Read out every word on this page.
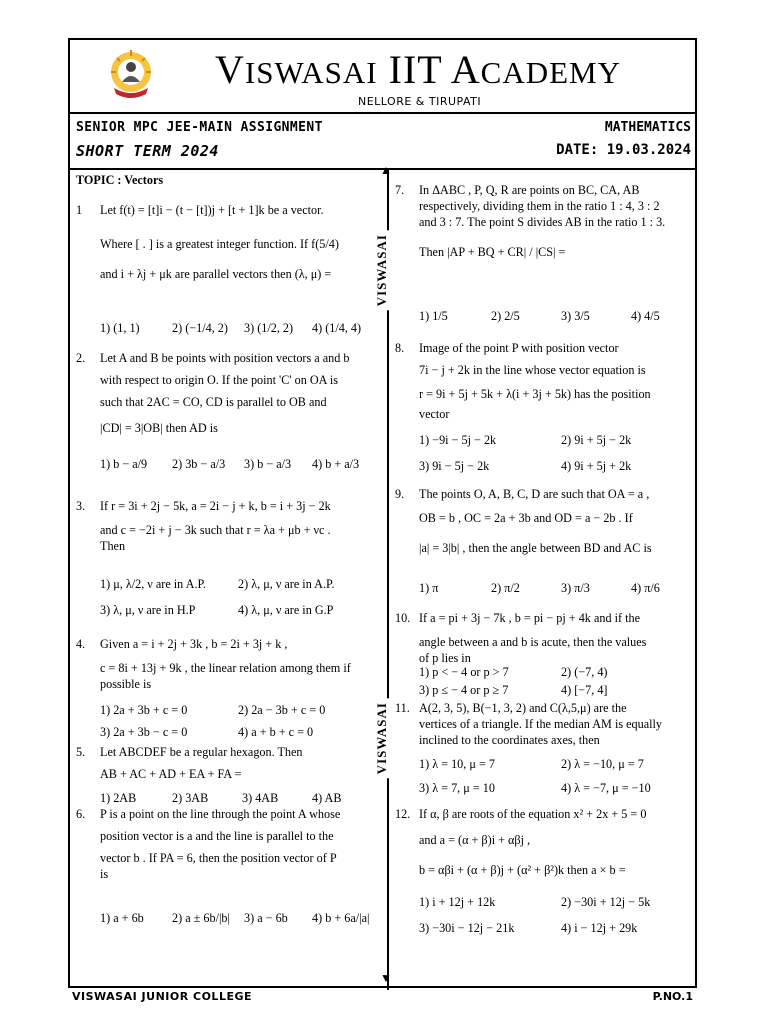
VISWASAI IIT ACADEMY
NELLORE & TIRUPATI
SENIOR MPC JEE-MAIN ASSIGNMENT
SHORT TERM 2024
MATHEMATICS
DATE: 19.03.2024
▲
▼
VISWASAI
VISWASAI
TOPIC : Vectors
1 Let f(t) = [t]i − (t − [t])j + [t + 1]k be a vector.
Where [ . ] is a greatest integer function. If f(5/4)
and i + λj + μk are parallel vectors then (λ, μ) =
1) (1, 1)	2) (−1/4, 2) 3) (1/2, 2) 4) (1/4, 4)
2. Let A and B be points with position vectors a and b
with respect to origin O. If the point 'C' on OA is
such that 2AC = CO, CD is parallel to OB and
|CD| = 3|OB| then AD is
1) b − a/9 2) 3b − a/3 3) b − a/3 4) b + a/3
3. If r = 3i + 2j − 5k, a = 2i − j + k, b = i + 3j − 2k
and c = −2i + j − 3k such that r = λa + μb + νc .
Then
1) μ, λ/2, ν are in A.P.	2) λ, μ, ν are in A.P.
3) λ, μ, ν are in H.P	4) λ, μ, ν are in G.P
4. Given a = i + 2j + 3k , b = 2i + 3j + k ,
c = 8i + 13j + 9k , the linear relation among them if
possible is
1) 2a + 3b + c = 0	2) 2a − 3b + c = 0
3) 2a + 3b − c = 0	4) a + b + c = 0
5. Let ABCDEF be a regular hexagon. Then
AB + AC + AD + EA + FA =
1) 2AB	2) 3AB	3) 4AB	4) AB
6. P is a point on the line through the point A whose
position vector is a and the line is parallel to the
vector b . If PA = 6, then the position vector of P
is
1) a + 6b 2) a ± 6b/|b| 3) a − 6b 4) b + 6a/|a|
7. In ΔABC , P, Q, R are points on BC, CA, AB
respectively, dividing them in the ratio 1 : 4, 3 : 2
and 3 : 7. The point S divides AB in the ratio 1 : 3.
Then |AP + BQ + CR| / |CS| =
1) 1/5	2) 2/5	3) 3/5	4) 4/5
8. Image of the point P with position vector
7i − j + 2k in the line whose vector equation is
r = 9i + 5j + 5k + λ(i + 3j + 5k) has the position
vector
1) −9i − 5j − 2k	2) 9i + 5j − 2k
3) 9i − 5j − 2k	4) 9i + 5j + 2k
9. The points O, A, B, C, D are such that OA = a ,
OB = b , OC = 2a + 3b and OD = a − 2b . If
|a| = 3|b| , then the angle between BD and AC is
1) π	2) π/2	3) π/3	4) π/6
10. If a = pi + 3j − 7k , b = pi − pj + 4k and if the
angle between a and b is acute, then the values
of p lies in
1) p < − 4 or p > 7	2) (−7, 4)
3) p ≤ − 4 or p ≥ 7	4) [−7, 4]
11. A(2, 3, 5), B(−1, 3, 2) and C(λ,5,μ) are the
vertices of a triangle. If the median AM is equally
inclined to the coordinates axes, then
1) λ = 10, μ = 7	2) λ = −10, μ = 7
3) λ = 7, μ = 10	4) λ = −7, μ = −10
12. If α, β are roots of the equation x² + 2x + 5 = 0
and a = (α + β)i + αβj ,
b = αβi + (α + β)j + (α² + β²)k then a × b =
1) i + 12j + 12k	2) −30i + 12j − 5k
3) −30i − 12j − 21k	4) i − 12j + 29k
VISWASAI JUNIOR COLLEGE	P.NO.1
